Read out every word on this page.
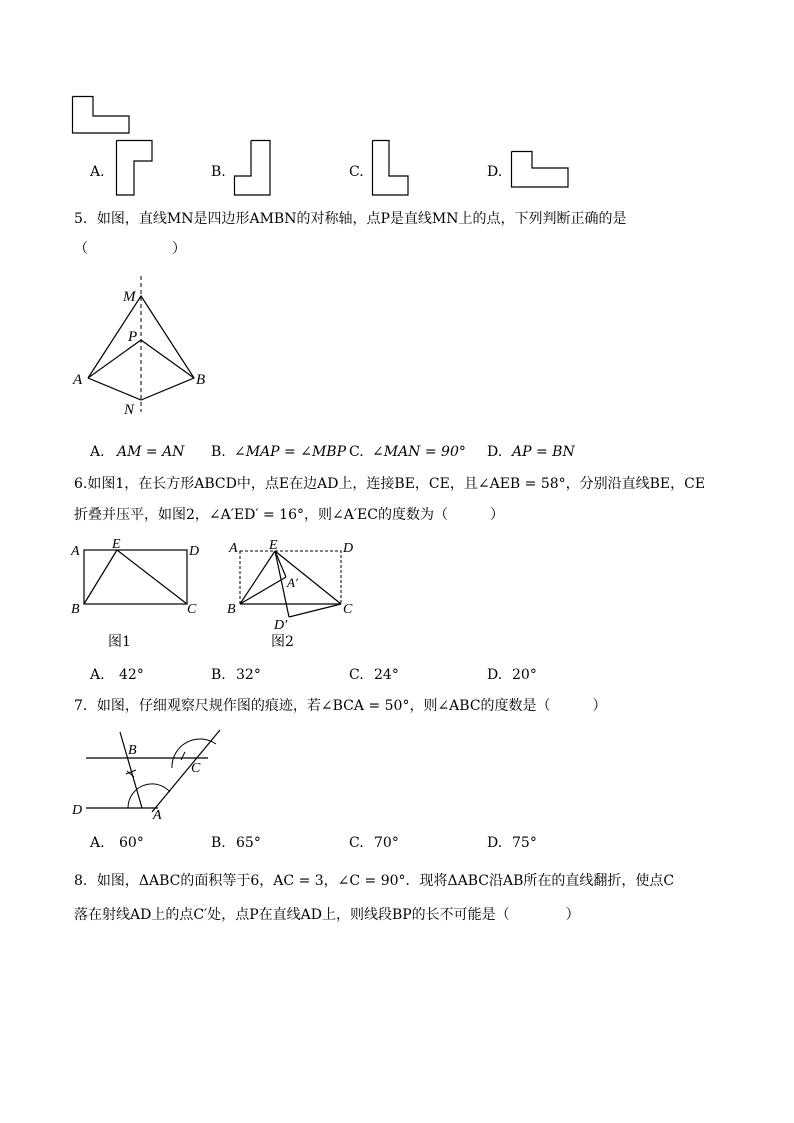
A.	B.	C.	D.
5．如图，直线MN是四边形AMBN的对称轴，点P是直线MN上的点，下列判断正确的是
（　　　　　　）
M
P
A	B
N
A. AM = AN B. ∠MAP = ∠MBP C. ∠MAN = 90° D. AP = BN
6.如图1，在长方形ABCD中，点E在边AD上，连接BE，CE，且∠AEB = 58°，分别沿直线BE，CE
折叠并压平，如图2，∠A′ED′ = 16°，则∠A′EC的度数为（　　　）
A E	D
B	C
图1
A E	D
A′
B	C
D′
图2
A. 42°	B. 32°	C. 24°	D. 20°
7．如图，仔细观察尺规作图的痕迹，若∠BCA = 50°，则∠ABC的度数是（　　　）
B
C
D	A
A. 60°	B. 65°	C. 70°	D. 75°
8．如图，ΔABC的面积等于6，AC = 3，∠C = 90°．现将ΔABC沿AB所在的直线翻折，使点C
落在射线AD上的点C′处，点P在直线AD上，则线段BP的长不可能是（　　　　）
